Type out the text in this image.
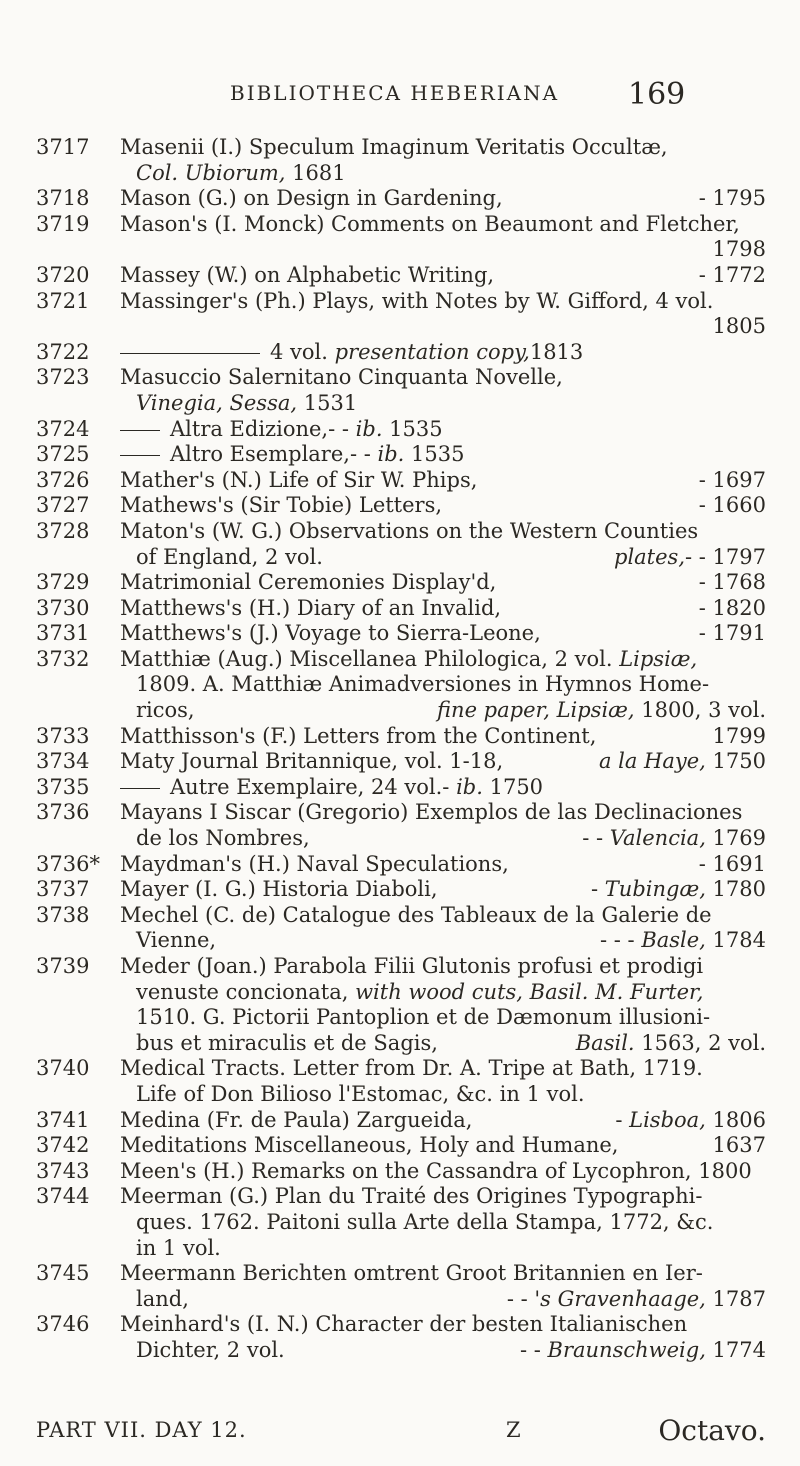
BIBLIOTHECA HEBERIANA 169
3717 Masenii (I.) Speculum Imaginum Veritatis Occultæ,
Col. Ubiorum, 1681
3718 Mason (G.) on Design in Gardening,	- 1795
3719 Mason's (I. Monck) Comments on Beaumont and Fletcher,
1798
3720 Massey (W.) on Alphabetic Writing,	- 1772
3721 Massinger's (Ph.) Plays, with Notes by W. Gifford, 4 vol.
1805
3722	4 vol. presentation copy,1813
3723 Masuccio Salernitano Cinquanta Novelle,
Vinegia, Sessa, 1531
3724	Altra Edizione,- - ib. 1535
3725	Altro Esemplare,- - ib. 1535
3726 Mather's (N.) Life of Sir W. Phips,	- 1697
3727 Mathews's (Sir Tobie) Letters,	- 1660
3728 Maton's (W. G.) Observations on the Western Counties
of England, 2 vol.	plates,- - 1797
3729 Matrimonial Ceremonies Display'd,	- 1768
3730 Matthews's (H.) Diary of an Invalid,	- 1820
3731 Matthews's (J.) Voyage to Sierra-Leone,	- 1791
3732 Matthiæ (Aug.) Miscellanea Philologica, 2 vol. Lipsiæ,
1809. A. Matthiæ Animadversiones in Hymnos Home-
ricos,	fine paper, Lipsiæ, 1800, 3 vol.
3733 Matthisson's (F.) Letters from the Continent,	1799
3734 Maty Journal Britannique, vol. 1-18,	a la Haye, 1750
3735	Autre Exemplaire, 24 vol.- ib. 1750
3736 Mayans I Siscar (Gregorio) Exemplos de las Declinaciones
de los Nombres,	- - Valencia, 1769
3736* Maydman's (H.) Naval Speculations,	- 1691
3737 Mayer (I. G.) Historia Diaboli,	- Tubingæ, 1780
3738 Mechel (C. de) Catalogue des Tableaux de la Galerie de
Vienne,	- - - Basle, 1784
3739 Meder (Joan.) Parabola Filii Glutonis profusi et prodigi
venuste concionata, with wood cuts, Basil. M. Furter,
1510. G. Pictorii Pantoplion et de Dæmonum illusioni-
bus et miraculis et de Sagis,	Basil. 1563, 2 vol.
3740 Medical Tracts. Letter from Dr. A. Tripe at Bath, 1719.
Life of Don Bilioso l'Estomac, &c. in 1 vol.
3741 Medina (Fr. de Paula) Zargueida,	- Lisboa, 1806
3742 Meditations Miscellaneous, Holy and Humane,	1637
3743 Meen's (H.) Remarks on the Cassandra of Lycophron, 1800
3744 Meerman (G.) Plan du Traité des Origines Typographi-
ques. 1762. Paitoni sulla Arte della Stampa, 1772, &c.
in 1 vol.
3745 Meermann Berichten omtrent Groot Britannien en Ier-
land,	- - 's Gravenhaage, 1787
3746 Meinhard's (I. N.) Character der besten Italianischen
Dichter, 2 vol.	- - Braunschweig, 1774
PART VII. DAY 12.	Z	Octavo.
